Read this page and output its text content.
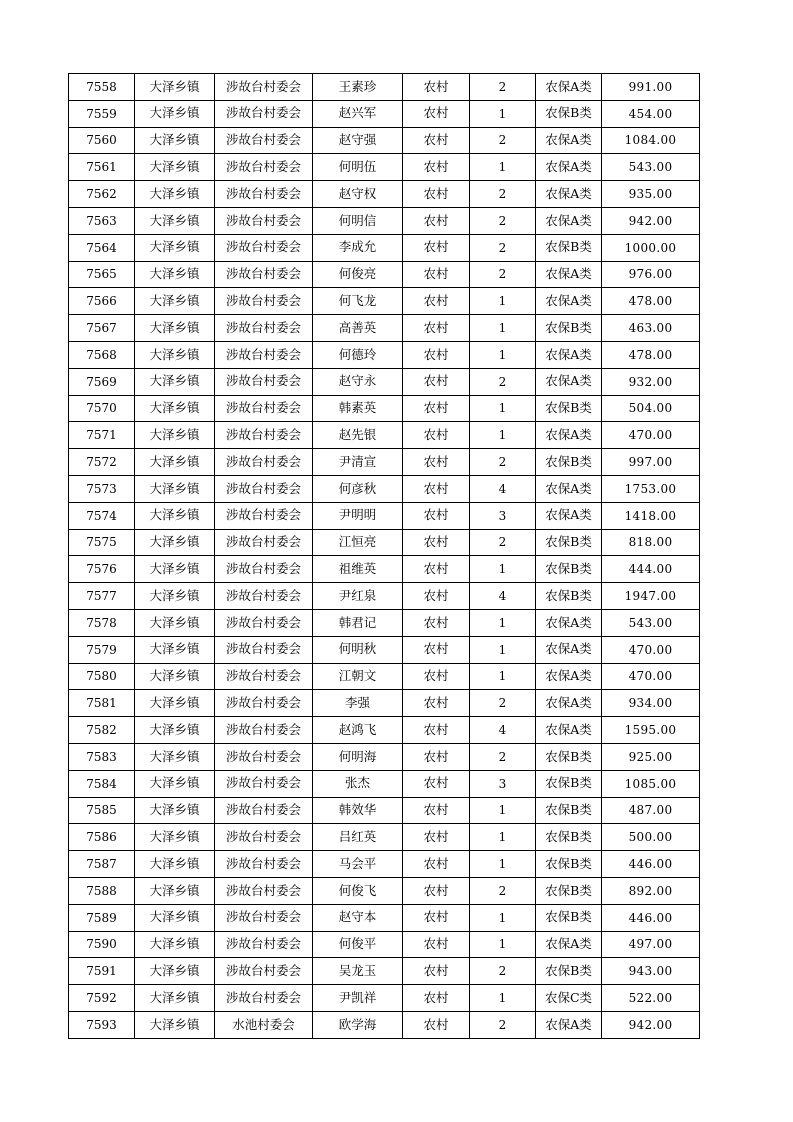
7558	大泽乡镇	涉故台村委会	王素珍	农村	2	农保A类	991.00
7559	大泽乡镇	涉故台村委会	赵兴军	农村	1	农保B类	454.00
7560	大泽乡镇	涉故台村委会	赵守强	农村	2	农保A类	1084.00
7561	大泽乡镇	涉故台村委会	何明伍	农村	1	农保A类	543.00
7562	大泽乡镇	涉故台村委会	赵守权	农村	2	农保A类	935.00
7563	大泽乡镇	涉故台村委会	何明信	农村	2	农保A类	942.00
7564	大泽乡镇	涉故台村委会	李成允	农村	2	农保B类	1000.00
7565	大泽乡镇	涉故台村委会	何俊亮	农村	2	农保A类	976.00
7566	大泽乡镇	涉故台村委会	何飞龙	农村	1	农保A类	478.00
7567	大泽乡镇	涉故台村委会	高善英	农村	1	农保B类	463.00
7568	大泽乡镇	涉故台村委会	何德玲	农村	1	农保A类	478.00
7569	大泽乡镇	涉故台村委会	赵守永	农村	2	农保A类	932.00
7570	大泽乡镇	涉故台村委会	韩素英	农村	1	农保B类	504.00
7571	大泽乡镇	涉故台村委会	赵先银	农村	1	农保A类	470.00
7572	大泽乡镇	涉故台村委会	尹清宣	农村	2	农保B类	997.00
7573	大泽乡镇	涉故台村委会	何彦秋	农村	4	农保A类	1753.00
7574	大泽乡镇	涉故台村委会	尹明明	农村	3	农保A类	1418.00
7575	大泽乡镇	涉故台村委会	江恒亮	农村	2	农保B类	818.00
7576	大泽乡镇	涉故台村委会	祖维英	农村	1	农保B类	444.00
7577	大泽乡镇	涉故台村委会	尹红泉	农村	4	农保B类	1947.00
7578	大泽乡镇	涉故台村委会	韩君记	农村	1	农保A类	543.00
7579	大泽乡镇	涉故台村委会	何明秋	农村	1	农保A类	470.00
7580	大泽乡镇	涉故台村委会	江朝文	农村	1	农保A类	470.00
7581	大泽乡镇	涉故台村委会	李强	农村	2	农保A类	934.00
7582	大泽乡镇	涉故台村委会	赵鸿飞	农村	4	农保A类	1595.00
7583	大泽乡镇	涉故台村委会	何明海	农村	2	农保B类	925.00
7584	大泽乡镇	涉故台村委会	张杰	农村	3	农保B类	1085.00
7585	大泽乡镇	涉故台村委会	韩效华	农村	1	农保B类	487.00
7586	大泽乡镇	涉故台村委会	吕红英	农村	1	农保B类	500.00
7587	大泽乡镇	涉故台村委会	马会平	农村	1	农保B类	446.00
7588	大泽乡镇	涉故台村委会	何俊飞	农村	2	农保B类	892.00
7589	大泽乡镇	涉故台村委会	赵守本	农村	1	农保B类	446.00
7590	大泽乡镇	涉故台村委会	何俊平	农村	1	农保A类	497.00
7591	大泽乡镇	涉故台村委会	吴龙玉	农村	2	农保B类	943.00
7592	大泽乡镇	涉故台村委会	尹凯祥	农村	1	农保C类	522.00
7593	大泽乡镇	水池村委会	欧学海	农村	2	农保A类	942.00
